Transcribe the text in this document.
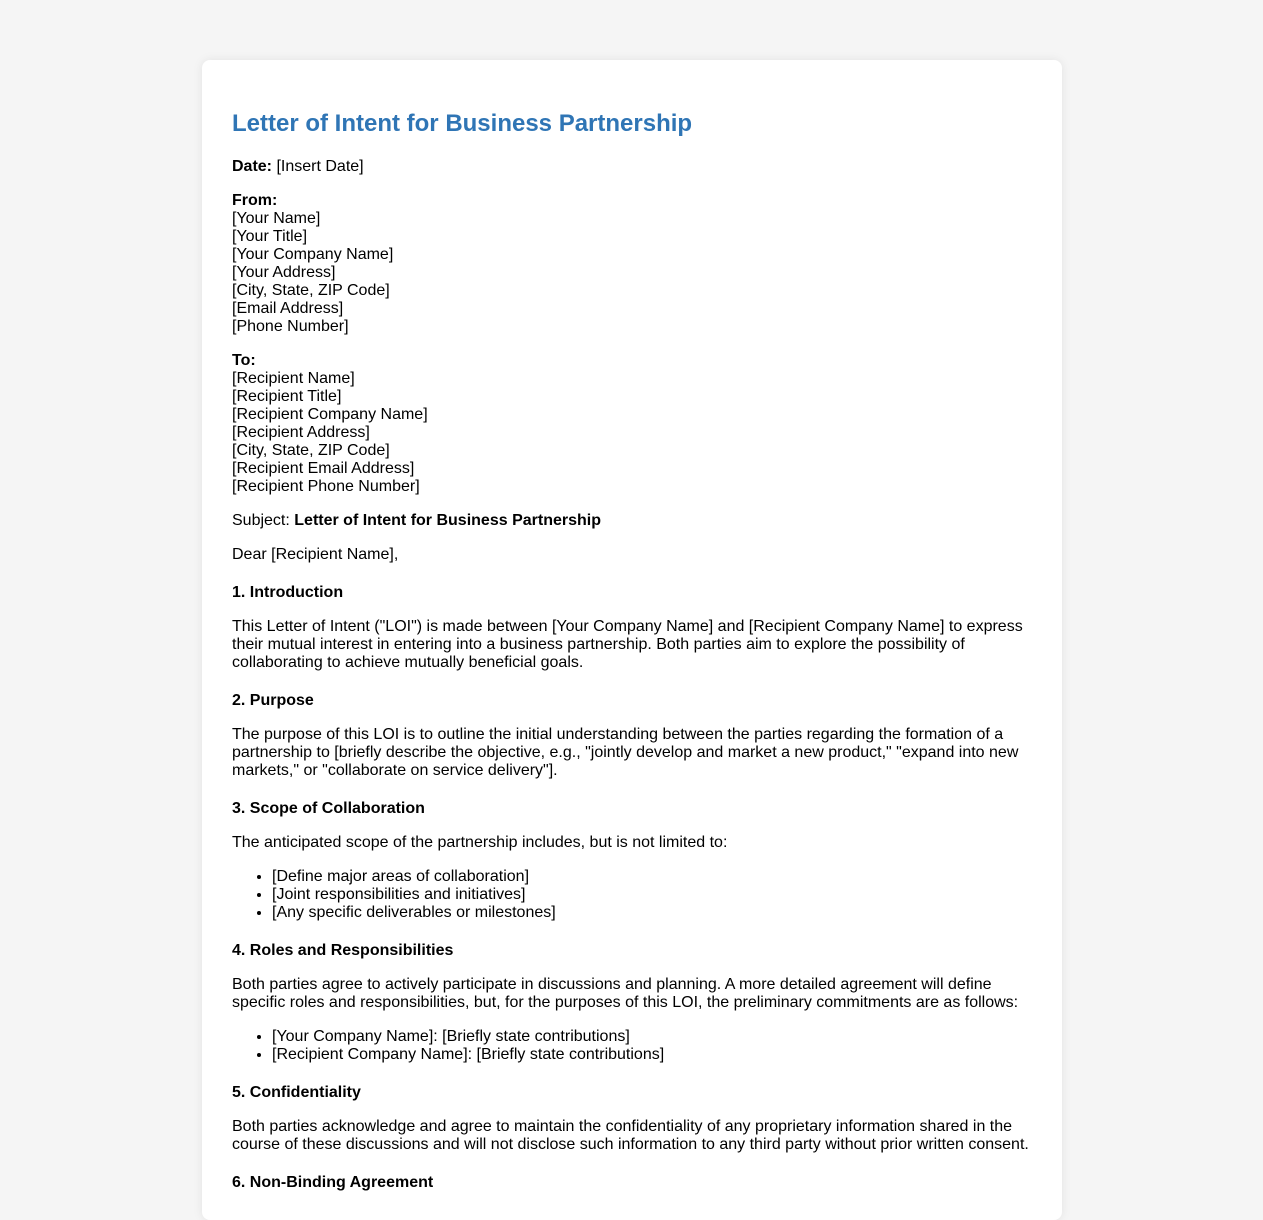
Letter of Intent for Business Partnership

Date: [Insert Date]

From:
[Your Name]
[Your Title]
[Your Company Name]
[Your Address]
[City, State, ZIP Code]
[Email Address]
[Phone Number]

To:
[Recipient Name]
[Recipient Title]
[Recipient Company Name]
[Recipient Address]
[City, State, ZIP Code]
[Recipient Email Address]
[Recipient Phone Number]

Subject: Letter of Intent for Business Partnership

Dear [Recipient Name],

1. Introduction

This Letter of Intent ("LOI") is made between [Your Company Name] and [Recipient Company Name] to express their mutual interest in entering into a business partnership. Both parties aim to explore the possibility of collaborating to achieve mutually beneficial goals.

2. Purpose

The purpose of this LOI is to outline the initial understanding between the parties regarding the formation of a partnership to [briefly describe the objective, e.g., "jointly develop and market a new product," "expand into new markets," or "collaborate on service delivery"].

3. Scope of Collaboration

The anticipated scope of the partnership includes, but is not limited to:

• [Define major areas of collaboration]
• [Joint responsibilities and initiatives]
• [Any specific deliverables or milestones]
4. Roles and Responsibilities

Both parties agree to actively participate in discussions and planning. A more detailed agreement will define specific roles and responsibilities, but, for the purposes of this LOI, the preliminary commitments are as follows:

• [Your Company Name]: [Briefly state contributions]
• [Recipient Company Name]: [Briefly state contributions]
5. Confidentiality

Both parties acknowledge and agree to maintain the confidentiality of any proprietary information shared in the course of these discussions and will not disclose such information to any third party without prior written consent.

6. Non-Binding Agreement
